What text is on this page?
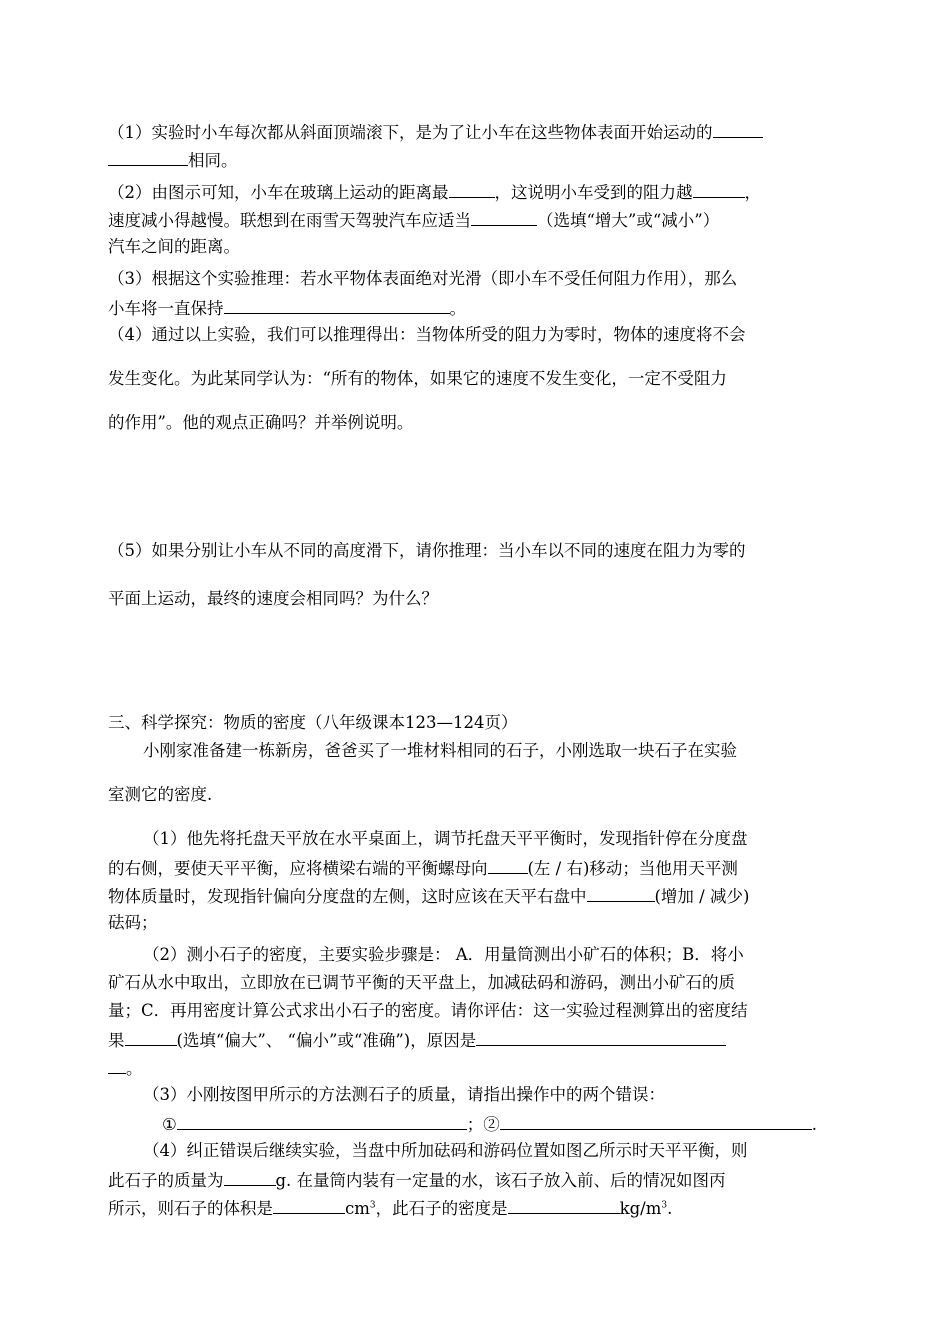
（1）实验时小车每次都从斜面顶端滚下，是为了让小车在这些物体表面开始运动的
相同。
（2）由图示可知，小车在玻璃上运动的距离最	，这说明小车受到的阻力越	，
速度减小得越慢。联想到在雨雪天驾驶汽车应适当	（选填“增大”或“减小”）
汽车之间的距离。
（3）根据这个实验推理：若水平物体表面绝对光滑（即小车不受任何阻力作用），那么
小车将一直保持	。
（4）通过以上实验，我们可以推理得出：当物体所受的阻力为零时，物体的速度将不会
发生变化。为此某同学认为：“所有的物体，如果它的速度不发生变化，一定不受阻力
的作用”。他的观点正确吗？并举例说明。
（5）如果分别让小车从不同的高度滑下，请你推理：当小车以不同的速度在阻力为零的
平面上运动，最终的速度会相同吗？为什么？
三、科学探究：物质的密度（八年级课本123—124页）
小刚家准备建一栋新房，爸爸买了一堆材料相同的石子，小刚选取一块石子在实验
室测它的密度.
（1）他先将托盘天平放在水平桌面上，调节托盘天平平衡时，发现指针停在分度盘
的右侧，要使天平平衡，应将横梁右端的平衡螺母向 (左 / 右)移动；当他用天平测
物体质量时，发现指针偏向分度盘的左侧，这时应该在天平右盘中	(增加 / 减少)
砝码；
（2）测小石子的密度，主要实验步骤是： A．用量筒测出小矿石的体积；B．将小
矿石从水中取出，立即放在已调节平衡的天平盘上，加减砝码和游码，测出小矿石的质
量；C．再用密度计算公式求出小石子的密度。请你评估：这一实验过程测算出的密度结
果	(选填“偏大”、 “偏小”或“准确”)，原因是
。
（3）小刚按图甲所示的方法测石子的质量，请指出操作中的两个错误：
①	；②	.
（4）纠正错误后继续实验，当盘中所加砝码和游码位置如图乙所示时天平平衡，则
此石子的质量为	g. 在量筒内装有一定量的水，该石子放入前、后的情况如图丙
所示，则石子的体积是	$cm^3$，此石子的密度是	$kg/m^3$.
